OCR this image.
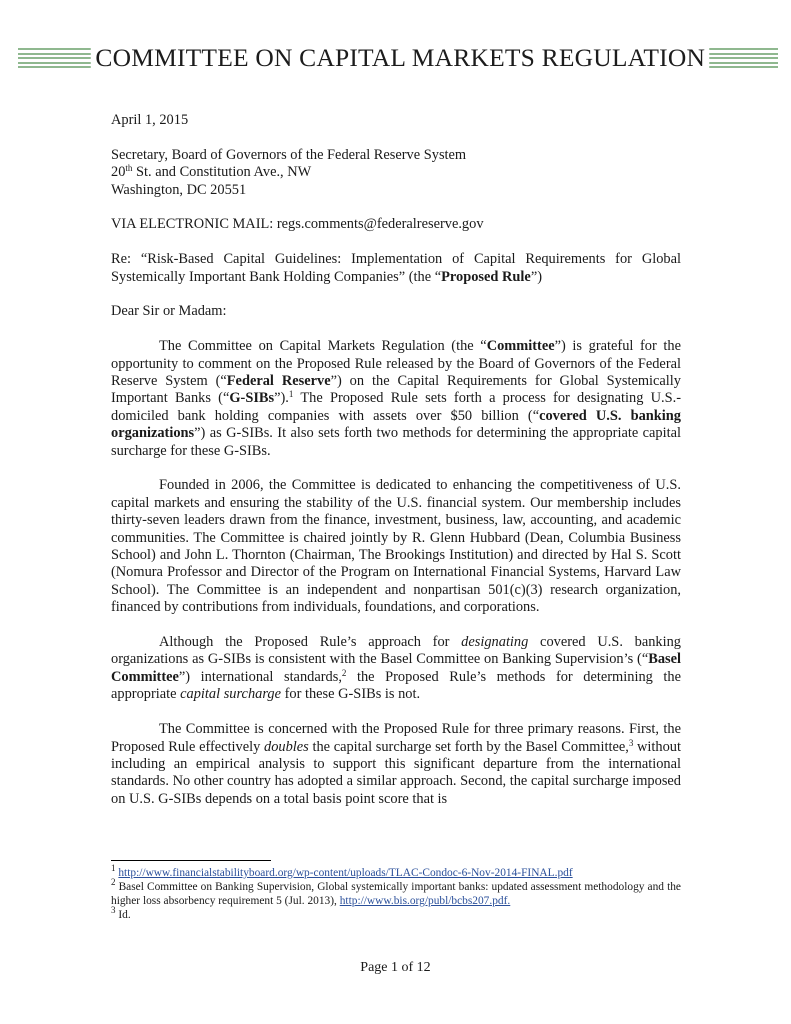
COMMITTEE ON CAPITAL MARKETS REGULATION

April 1, 2015

Secretary, Board of Governors of the Federal Reserve System

20th St. and Constitution Ave., NW

Washington, DC 20551

VIA ELECTRONIC MAIL: regs.comments@federalreserve.gov

Re: “Risk-Based Capital Guidelines: Implementation of Capital Requirements for Global Systemically Important Bank Holding Companies” (the “Proposed Rule”)

Dear Sir or Madam:

The Committee on Capital Markets Regulation (the “Committee”) is grateful for the opportunity to comment on the Proposed Rule released by the Board of Governors of the Federal Reserve System (“Federal Reserve”) on the Capital Requirements for Global Systemically Important Banks (“G-SIBs”).$^1$ The Proposed Rule sets forth a process for designating U.S.-domiciled bank holding companies with assets over $50 billion (“covered U.S. banking organizations”) as G-SIBs. It also sets forth two methods for determining the appropriate capital surcharge for these G-SIBs.

Founded in 2006, the Committee is dedicated to enhancing the competitiveness of U.S. capital markets and ensuring the stability of the U.S. financial system. Our membership includes thirty-seven leaders drawn from the finance, investment, business, law, accounting, and academic communities. The Committee is chaired jointly by R. Glenn Hubbard (Dean, Columbia Business School) and John L. Thornton (Chairman, The Brookings Institution) and directed by Hal S. Scott (Nomura Professor and Director of the Program on International Financial Systems, Harvard Law School). The Committee is an independent and nonpartisan 501(c)(3) research organization, financed by contributions from individuals, foundations, and corporations.

Although the Proposed Rule’s approach for designating covered U.S. banking organizations as G-SIBs is consistent with the Basel Committee on Banking Supervision’s (“Basel Committee”) international standards,$^2$ the Proposed Rule’s methods for determining the appropriate capital surcharge for these G-SIBs is not.

The Committee is concerned with the Proposed Rule for three primary reasons. First, the Proposed Rule effectively doubles the capital surcharge set forth by the Basel Committee,$^3$ without including an empirical analysis to support this significant departure from the international standards. No other country has adopted a similar approach. Second, the capital surcharge imposed on U.S. G-SIBs depends on a total basis point score that is

$^1$ http://www.financialstabilityboard.org/wp-content/uploads/TLAC-Condoc-6-Nov-2014-FINAL.pdf

$^2$ Basel Committee on Banking Supervision, Global systemically important banks: updated assessment methodology and the higher loss absorbency requirement 5 (Jul. 2013), http://www.bis.org/publ/bcbs207.pdf.

$^3$ Id.

Page 1 of 12
